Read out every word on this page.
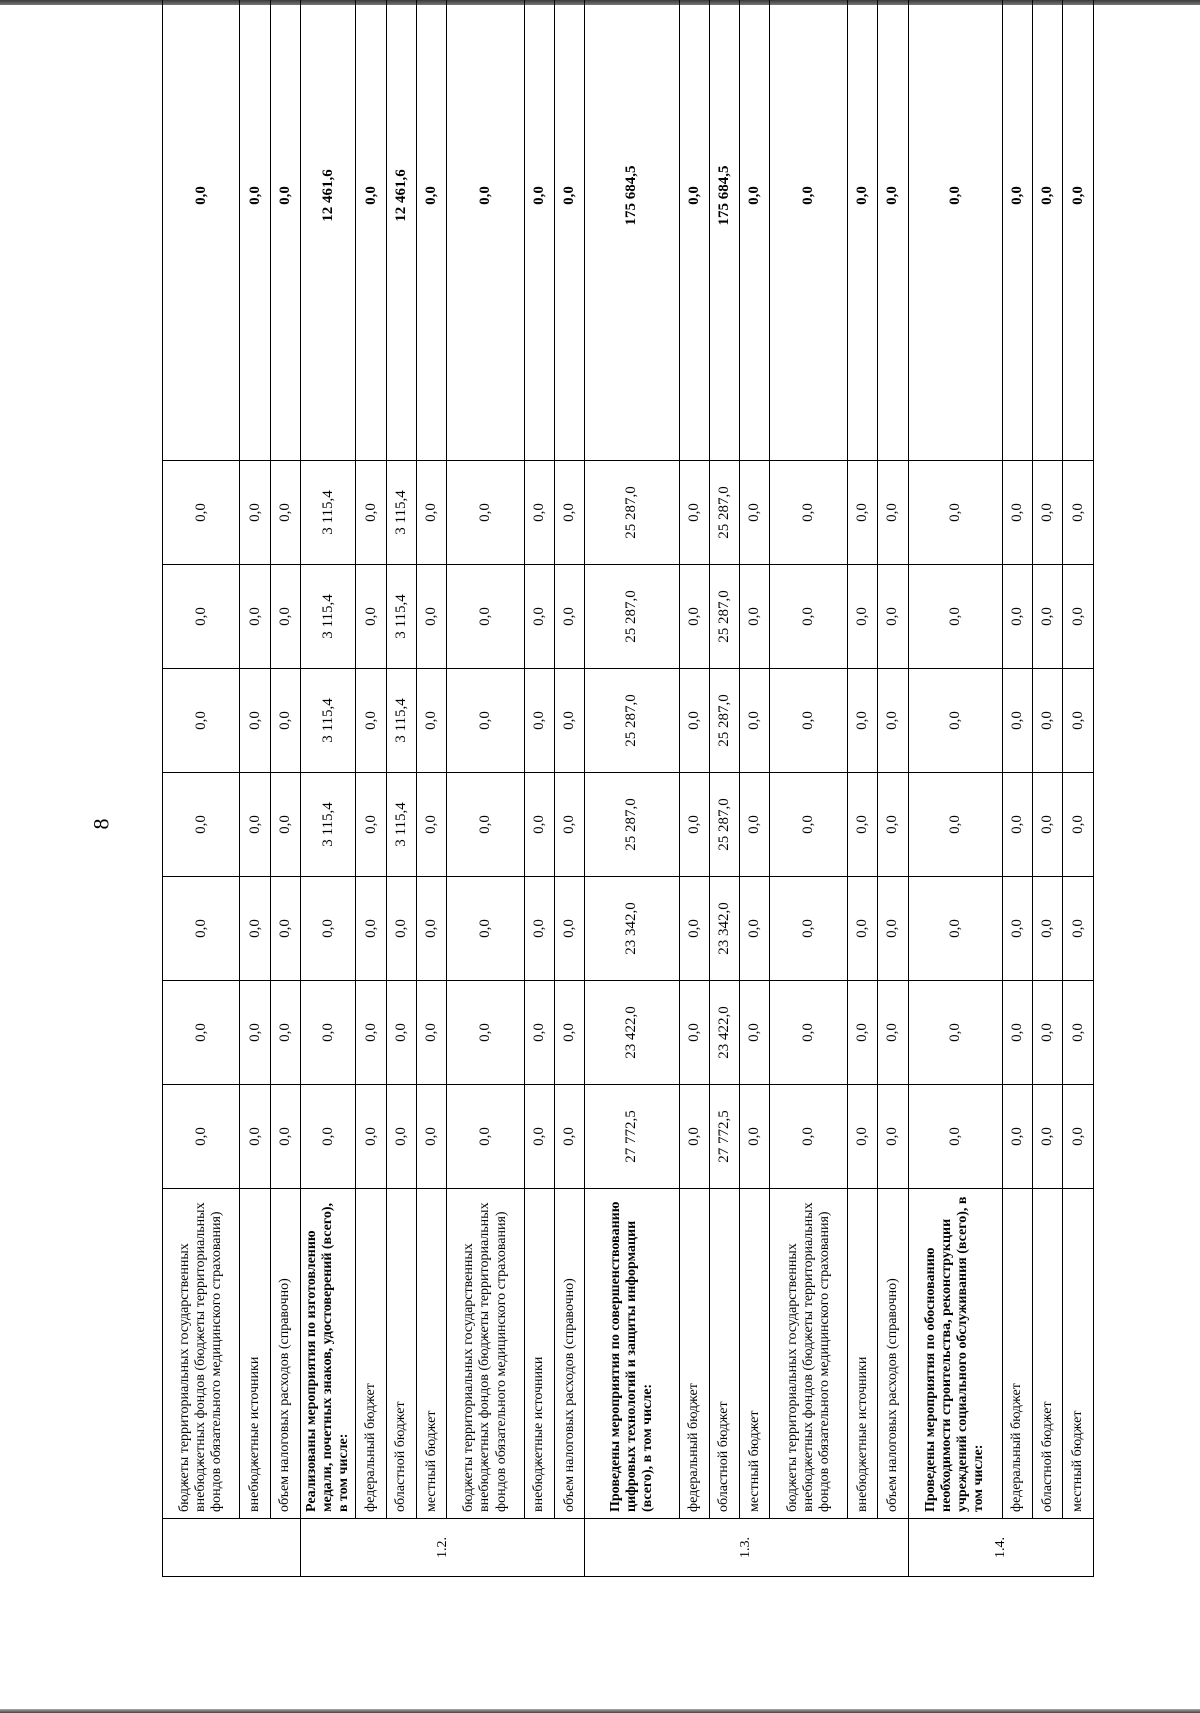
8
	бюджеты территориальных государственных внебюджетных фондов (бюджеты территориальных фондов обязательного медицинского страхования)	0,0	0,0	0,0	0,0	0,0	0,0	0,0	0,0
	внебюджетные источники	0,0	0,0	0,0	0,0	0,0	0,0	0,0	0,0
	объем налоговых расходов (справочно)	0,0	0,0	0,0	0,0	0,0	0,0	0,0	0,0
1.2.	Реализованы мероприятия по изготовлению медали, почетных знаков, удостоверений (всего), в том числе:	0,0	0,0	0,0	3 115,4	3 115,4	3 115,4	3 115,4	12 461,6
	федеральный бюджет	0,0	0,0	0,0	0,0	0,0	0,0	0,0	0,0
	областной бюджет	0,0	0,0	0,0	3 115,4	3 115,4	3 115,4	3 115,4	12 461,6
	местный бюджет	0,0	0,0	0,0	0,0	0,0	0,0	0,0	0,0
	бюджеты территориальных государственных внебюджетных фондов (бюджеты территориальных фондов обязательного медицинского страхования)	0,0	0,0	0,0	0,0	0,0	0,0	0,0	0,0
	внебюджетные источники	0,0	0,0	0,0	0,0	0,0	0,0	0,0	0,0
	объем налоговых расходов (справочно)	0,0	0,0	0,0	0,0	0,0	0,0	0,0	0,0
1.3.	Проведены мероприятия по совершенствованию цифровых технологий и защиты информации (всего), в том числе:	27 772,5	23 422,0	23 342,0	25 287,0	25 287,0	25 287,0	25 287,0	175 684,5
	федеральный бюджет	0,0	0,0	0,0	0,0	0,0	0,0	0,0	0,0
	областной бюджет	27 772,5	23 422,0	23 342,0	25 287,0	25 287,0	25 287,0	25 287,0	175 684,5
	местный бюджет	0,0	0,0	0,0	0,0	0,0	0,0	0,0	0,0
	бюджеты территориальных государственных внебюджетных фондов (бюджеты территориальных фондов обязательного медицинского страхования)	0,0	0,0	0,0	0,0	0,0	0,0	0,0	0,0
	внебюджетные источники	0,0	0,0	0,0	0,0	0,0	0,0	0,0	0,0
	объем налоговых расходов (справочно)	0,0	0,0	0,0	0,0	0,0	0,0	0,0	0,0
1.4.	Проведены мероприятия по обоснованию необходимости строительства, реконструкции учреждений социального обслуживания (всего), в том числе:	0,0	0,0	0,0	0,0	0,0	0,0	0,0	0,0
	федеральный бюджет	0,0	0,0	0,0	0,0	0,0	0,0	0,0	0,0
	областной бюджет	0,0	0,0	0,0	0,0	0,0	0,0	0,0	0,0
	местный бюджет	0,0	0,0	0,0	0,0	0,0	0,0	0,0	0,0
